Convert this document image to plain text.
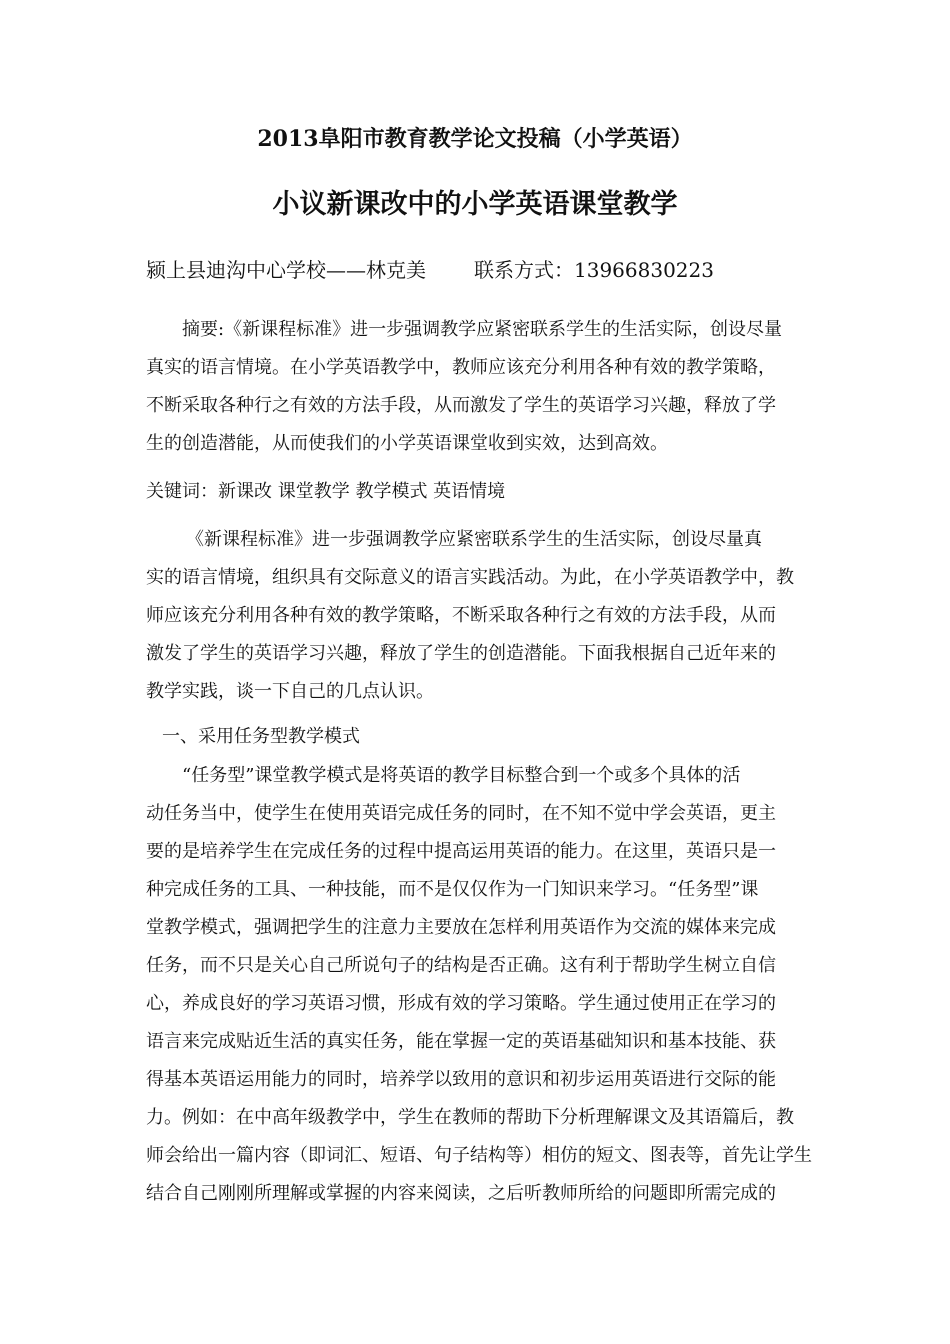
2013阜阳市教育教学论文投稿（小学英语）
小议新课改中的小学英语课堂教学
颍上县迪沟中心学校——林克美 联系方式：13966830223
摘要:《新课程标准》进一步强调教学应紧密联系学生的生活实际，创设尽量
真实的语言情境。在小学英语教学中，教师应该充分利用各种有效的教学策略，
不断采取各种行之有效的方法手段，从而激发了学生的英语学习兴趣，释放了学
生的创造潜能，从而使我们的小学英语课堂收到实效，达到高效。
关键词：新课改 课堂教学 教学模式 英语情境
《新课程标准》进一步强调教学应紧密联系学生的生活实际，创设尽量真
实的语言情境，组织具有交际意义的语言实践活动。为此，在小学英语教学中，教
师应该充分利用各种有效的教学策略，不断采取各种行之有效的方法手段，从而
激发了学生的英语学习兴趣，释放了学生的创造潜能。下面我根据自己近年来的
教学实践，谈一下自己的几点认识。
一、采用任务型教学模式
“任务型”课堂教学模式是将英语的教学目标整合到一个或多个具体的活
动任务当中，使学生在使用英语完成任务的同时，在不知不觉中学会英语，更主
要的是培养学生在完成任务的过程中提高运用英语的能力。在这里，英语只是一
种完成任务的工具、一种技能，而不是仅仅作为一门知识来学习。“任务型”课
堂教学模式，强调把学生的注意力主要放在怎样利用英语作为交流的媒体来完成
任务，而不只是关心自己所说句子的结构是否正确。这有利于帮助学生树立自信
心，养成良好的学习英语习惯，形成有效的学习策略。学生通过使用正在学习的
语言来完成贴近生活的真实任务，能在掌握一定的英语基础知识和基本技能、获
得基本英语运用能力的同时，培养学以致用的意识和初步运用英语进行交际的能
力。例如：在中高年级教学中，学生在教师的帮助下分析理解课文及其语篇后，教
师会给出一篇内容（即词汇、短语、句子结构等）相仿的短文、图表等，首先让学生
结合自己刚刚所理解或掌握的内容来阅读，之后听教师所给的问题即所需完成的
